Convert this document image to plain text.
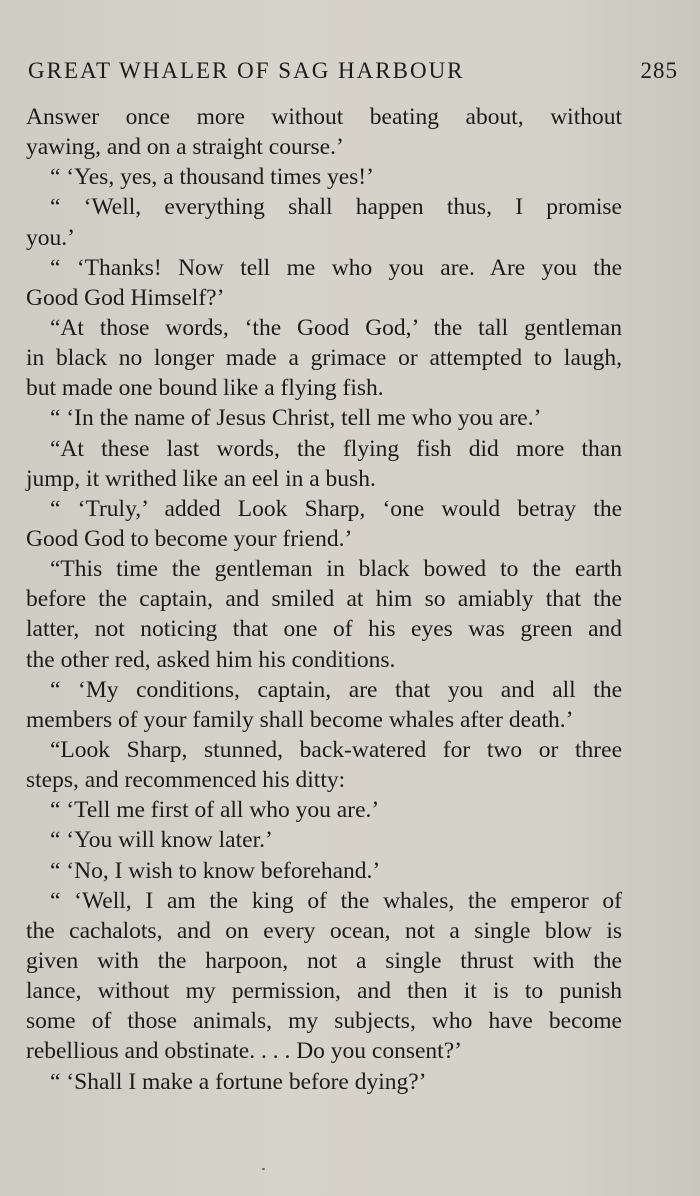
GREAT WHALER OF SAG HARBOUR	285
Answer once more without beating about, without
yawing, and on a straight course.’
“ ‘Yes, yes, a thousand times yes!’
“ ‘Well, everything shall happen thus, I promise
you.’
“ ‘Thanks! Now tell me who you are. Are you the
Good God Himself?’
“At those words, ‘the Good God,’ the tall gentleman
in black no longer made a grimace or attempted to laugh,
but made one bound like a flying fish.
“ ‘In the name of Jesus Christ, tell me who you are.’
“At these last words, the flying fish did more than
jump, it writhed like an eel in a bush.
“ ‘Truly,’ added Look Sharp, ‘one would betray the
Good God to become your friend.’
“This time the gentleman in black bowed to the earth
before the captain, and smiled at him so amiably that the
latter, not noticing that one of his eyes was green and
the other red, asked him his conditions.
“ ‘My conditions, captain, are that you and all the
members of your family shall become whales after death.’
“Look Sharp, stunned, back-watered for two or three
steps, and recommenced his ditty:
“ ‘Tell me first of all who you are.’
“ ‘You will know later.’
“ ‘No, I wish to know beforehand.’
“ ‘Well, I am the king of the whales, the emperor of
the cachalots, and on every ocean, not a single blow is
given with the harpoon, not a single thrust with the
lance, without my permission, and then it is to punish
some of those animals, my subjects, who have become
rebellious and obstinate. . . . Do you consent?’
“ ‘Shall I make a fortune before dying?’
